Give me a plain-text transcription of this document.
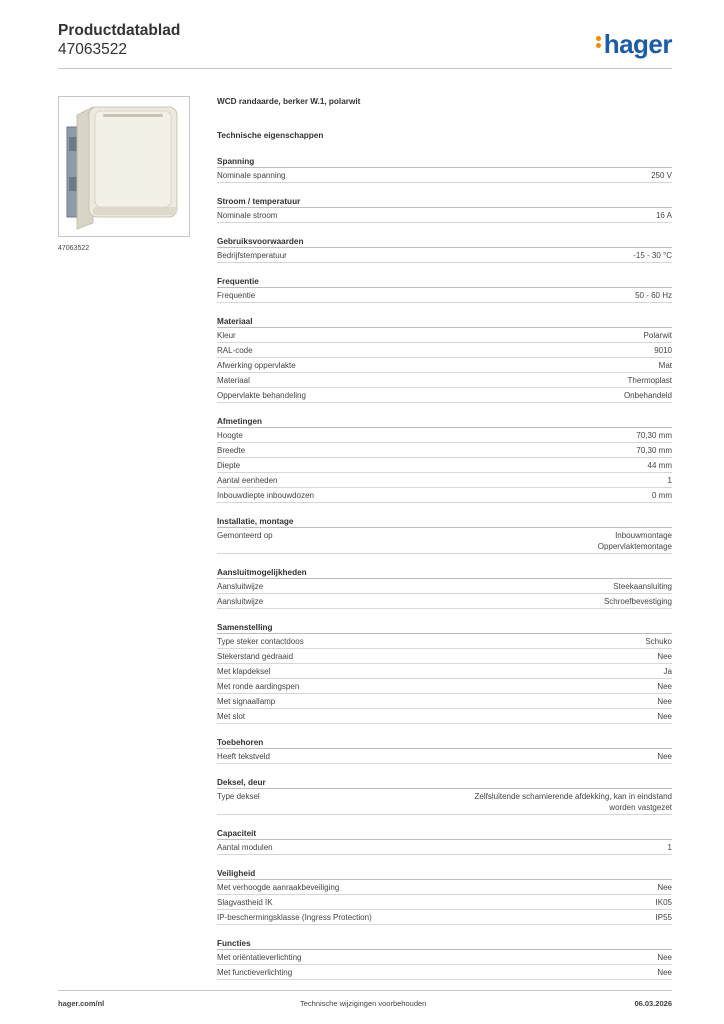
Productdatablad
47063522	hager
47063522
WCD randaarde, berker W.1, polarwit
Technische eigenschappen
Spanning
Nominale spanning	250 V
Stroom / temperatuur
Nominale stroom	16 A
Gebruiksvoorwaarden
Bedrijfstemperatuur	-15 - 30 °C
Frequentie
Frequentie	50 - 60 Hz
Materiaal
Kleur	Polarwit
RAL-code	9010
Afwerking oppervlakte	Mat
Materiaal	Thermoplast
Oppervlakte behandeling	Onbehandeld
Afmetingen
Hoogte	70,30 mm
Breedte	70,30 mm
Diepte	44 mm
Aantal eenheden	1
Inbouwdiepte inbouwdozen	0 mm
Installatie, montage
Gemonteerd op	Inbouwmontage
Oppervlaktemontage
Aansluitmogelijkheden
Aansluitwijze	Steekaansluiting
Aansluitwijze	Schroefbevestiging
Samenstelling
Type steker contactdoos	Schuko
Stekerstand gedraaid	Nee
Met klapdeksel	Ja
Met ronde aardingspen	Nee
Met signaallamp	Nee
Met slot	Nee
Toebehoren
Heeft tekstveld	Nee
Deksel, deur
Type deksel	Zelfsluitende scharnierende afdekking, kan in eindstand
worden vastgezet
Capaciteit
Aantal modulen	1
Veiligheid
Met verhoogde aanraakbeveiliging	Nee
Slagvastheid IK	IK05
IP-beschermingsklasse (Ingress Protection)	IP55
Functies
Met oriëntatieverlichting	Nee
Met functieverlichting	Nee
hager.com/nl	Technische wijzigingen voorbehouden	06.03.2026
